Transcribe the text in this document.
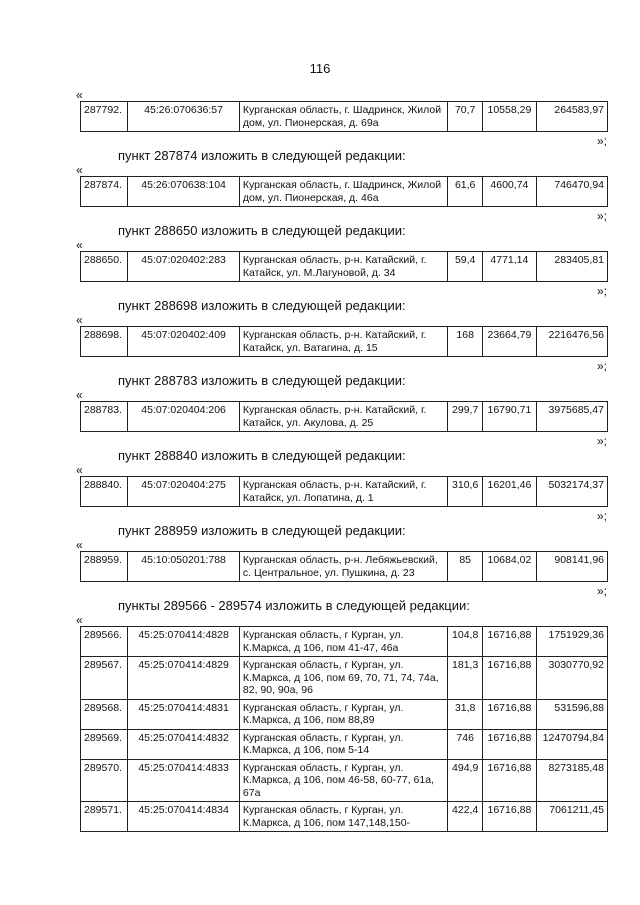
116
«
287792.	45:26:070636:57	Курганская область, г. Шадринск, Жилой дом, ул. Пионерская, д. 69а	70,7	10558,29	264583,97
»;
пункт 287874 изложить в следующей редакции:
«
287874.	45:26:070638:104	Курганская область, г. Шадринск, Жилой дом, ул. Пионерская, д. 46а	61,6	4600,74	746470,94
»;
пункт 288650 изложить в следующей редакции:
«
288650.	45:07:020402:283	Курганская область, р-н. Катайский, г. Катайск, ул. М.Лагуновой, д. 34	59,4	4771,14	283405,81
»;
пункт 288698 изложить в следующей редакции:
«
288698.	45:07:020402:409	Курганская область, р-н. Катайский, г. Катайск, ул. Ватагина, д. 15	168	23664,79	2216476,56
»;
пункт 288783 изложить в следующей редакции:
«
288783.	45:07:020404:206	Курганская область, р-н. Катайский, г. Катайск, ул. Акулова, д. 25	299,7	16790,71	3975685,47
»;
пункт 288840 изложить в следующей редакции:
«
288840.	45:07:020404:275	Курганская область, р-н. Катайский, г. Катайск, ул. Лопатина, д. 1	310,6	16201,46	5032174,37
»;
пункт 288959 изложить в следующей редакции:
«
288959.	45:10:050201:788	Курганская область, р-н. Лебяжьевский, с. Центральное, ул. Пушкина, д. 23	85	10684,02	908141,96
»;
пункты 289566 - 289574 изложить в следующей редакции:
«
289566.	45:25:070414:4828	Курганская область, г Курган, ул. К.Маркса, д 106, пом 41-47, 46а	104,8	16716,88	1751929,36
289567.	45:25:070414:4829	Курганская область, г Курган, ул. К.Маркса, д 106, пом 69, 70, 71, 74, 74а, 82, 90, 90а, 96	181,3	16716,88	3030770,92
289568.	45:25:070414:4831	Курганская область, г Курган, ул. К.Маркса, д 106, пом 88,89	31,8	16716,88	531596,88
289569.	45:25:070414:4832	Курганская область, г Курган, ул. К.Маркса, д 106, пом 5-14	746	16716,88	12470794,84
289570.	45:25:070414:4833	Курганская область, г Курган, ул. К.Маркса, д 106, пом 46-58, 60-77, 61а, 67а	494,9	16716,88	8273185,48
289571.	45:25:070414:4834	Курганская область, г Курган, ул. К.Маркса, д 106, пом 147,148,150-	422,4	16716,88	7061211,45
